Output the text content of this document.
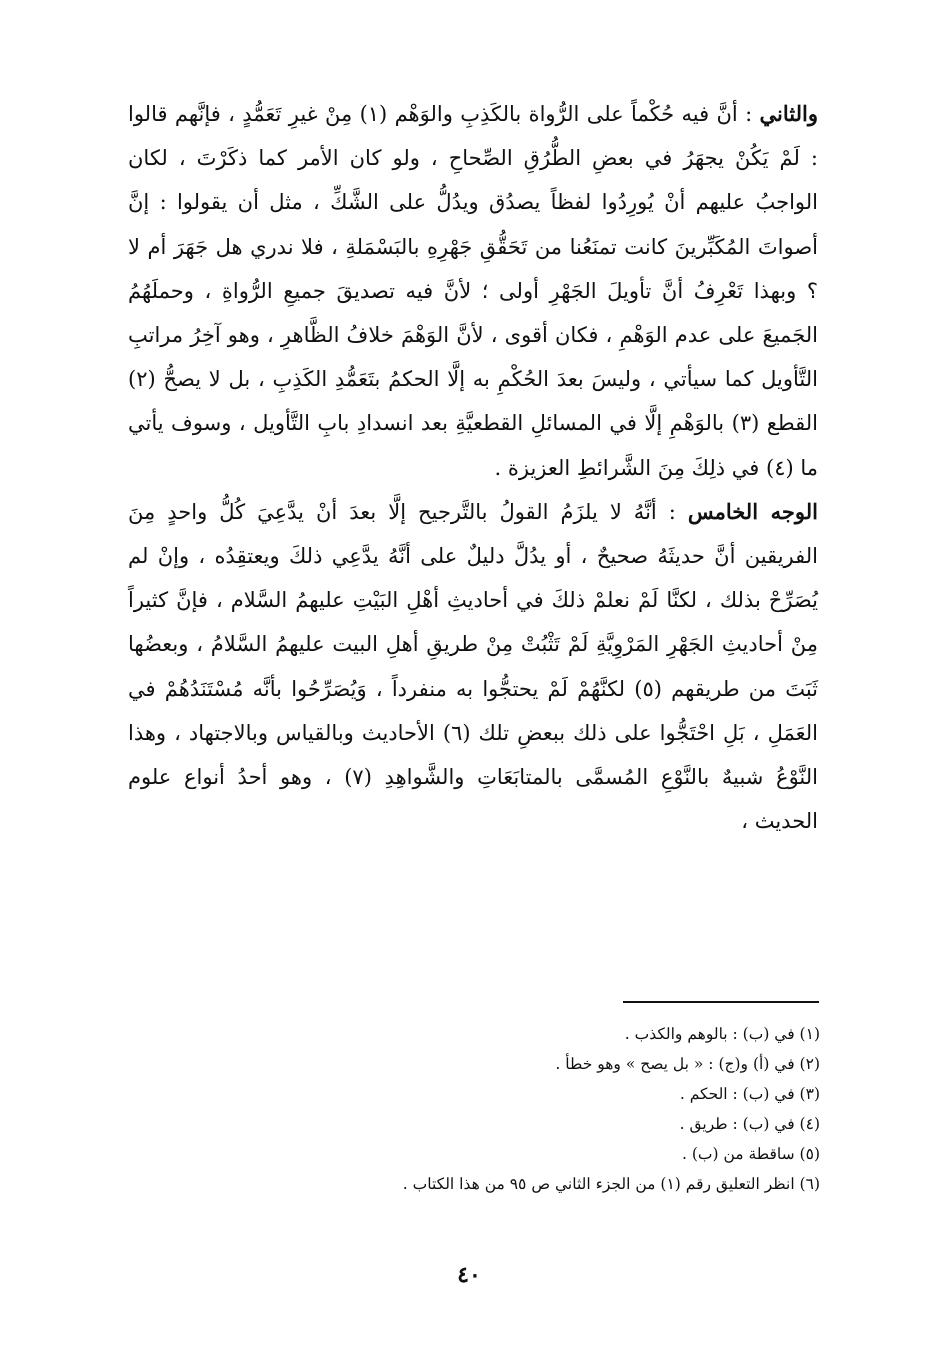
والثاني : أنَّ فيه حُكْماً على الرُّواة بالكَذِبِ والوَهْم (١) مِنْ غيرِ تَعَمُّدٍ ، فإنَّهم قالوا : لَمْ يَكُنْ يجهَرُ في بعضِ الطُّرُقِ الصِّحاحِ ، ولو كان الأمر كما ذكَرْتَ ، لكان الواجبُ عليهم أنْ يُورِدُوا لفظاً يصدُق ويدُلُّ على الشَّكِّ ، مثل أن يقولوا : إنَّ أصواتَ المُكَبِّرينَ كانت تمنَعُنا من تَحَقُّقِ جَهْرِهِ بالبَسْمَلةِ ، فلا ندري هل جَهَرَ أم لا ؟ وبهذا تَعْرِفُ أنَّ تأويلَ الجَهْرِ أولى ؛ لأنَّ فيه تصديقَ جميعِ الرُّواةِ ، وحملَهُمُ الجَميعَ على عدم الوَهْمِ ، فكان أقوى ، لأنَّ الوَهْمَ خلافُ الظَّاهرِ ، وهو آخِرُ مراتبِ التَّأويل كما سيأتي ، وليسَ بعدَ الحُكْمِ به إلَّا الحكمُ بتَعَمُّدِ الكَذِبِ ، بل لا يصحُّ (٢) القطع (٣) بالوَهْمِ إلَّا في المسائلِ القطعيَّةِ بعد انسدادِ بابِ التَّأويل ، وسوف يأتي ما (٤) في ذلِكَ مِنَ الشَّرائطِ العزيزة .

الوجه الخامس : أنَّهُ لا يلزَمُ القولُ بالتَّرجيح إلَّا بعدَ أنْ يدَّعِيَ كُلُّ واحدٍ مِنَ الفريقين أنَّ حديثَهُ صحيحٌ ، أو يدُلَّ دليلٌ على أنَّهُ يدَّعِي ذلكَ ويعتقِدُه ، وإنْ لم يُصَرِّحْ بذلك ، لكنَّا لَمْ نعلمْ ذلكَ في أحاديثِ أهْلِ البَيْتِ عليهمُ السَّلام ، فإنَّ كثيراً مِنْ أحاديثِ الجَهْرِ المَرْوِيَّةِ لَمْ تَثْبُتْ مِنْ طريقِ أهلِ البيت عليهمُ السَّلامُ ، وبعضُها ثَبَتَ من طريقهم (٥) لكنَّهُمْ لَمْ يحتجُّوا به منفرداً ، وَيُصَرِّحُوا بأنَّه مُسْتَنَدُهُمْ في العَمَلِ ، بَلِ احْتَجُّوا على ذلك ببعضِ تلك (٦) الأحاديث وبالقياس وبالاجتهاد ، وهذا النَّوْعُ شبيهٌ بالنَّوْعِ المُسمَّى بالمتابَعَاتِ والشَّواهِدِ (٧) ، وهو أحدُ أنواع علوم الحديث ،

(١) في (ب) : بالوهم والكذب .
(٢) في (أ) و(ج) : « بل يصح » وهو خطأ .
(٣) في (ب) : الحكم .
(٤) في (ب) : طريق .
(٥) ساقطة من (ب) .
(٦) انظر التعليق رقم (١) من الجزء الثاني ص ٩٥ من هذا الكتاب .
٤٠
